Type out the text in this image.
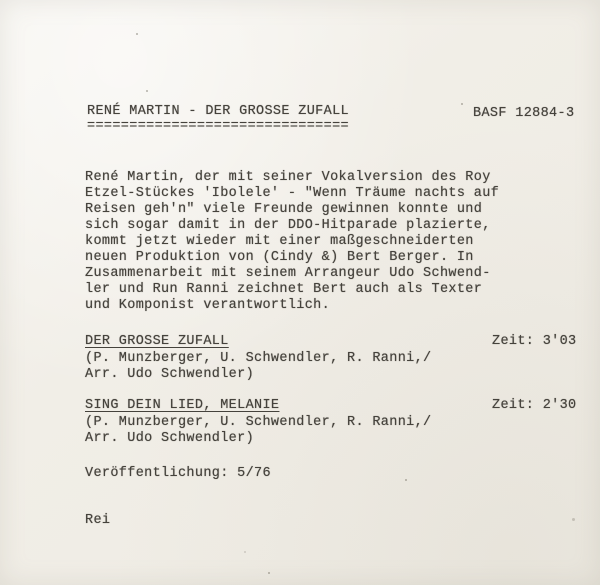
RENÉ MARTIN - DER GROSSE ZUFALL
===============================
BASF 12884-3
René Martin, der mit seiner Vokalversion des Roy
Etzel-Stückes 'Ibolele' - "Wenn Träume nachts auf
Reisen geh'n" viele Freunde gewinnen konnte und
sich sogar damit in der DDO-Hitparade plazierte,
kommt jetzt wieder mit einer maßgeschneiderten
neuen Produktion von (Cindy &) Bert Berger. In
Zusammenarbeit mit seinem Arrangeur Udo Schwend-
ler und Run Ranni zeichnet Bert auch als Texter
und Komponist verantwortlich.
DER GROSSE ZUFALL
(P. Munzberger, U. Schwendler, R. Ranni,/
Arr. Udo Schwendler)
Zeit: 3'03
SING DEIN LIED, MELANIE
(P. Munzberger, U. Schwendler, R. Ranni,/
Arr. Udo Schwendler)
Zeit: 2'30
Veröffentlichung: 5/76
Rei
